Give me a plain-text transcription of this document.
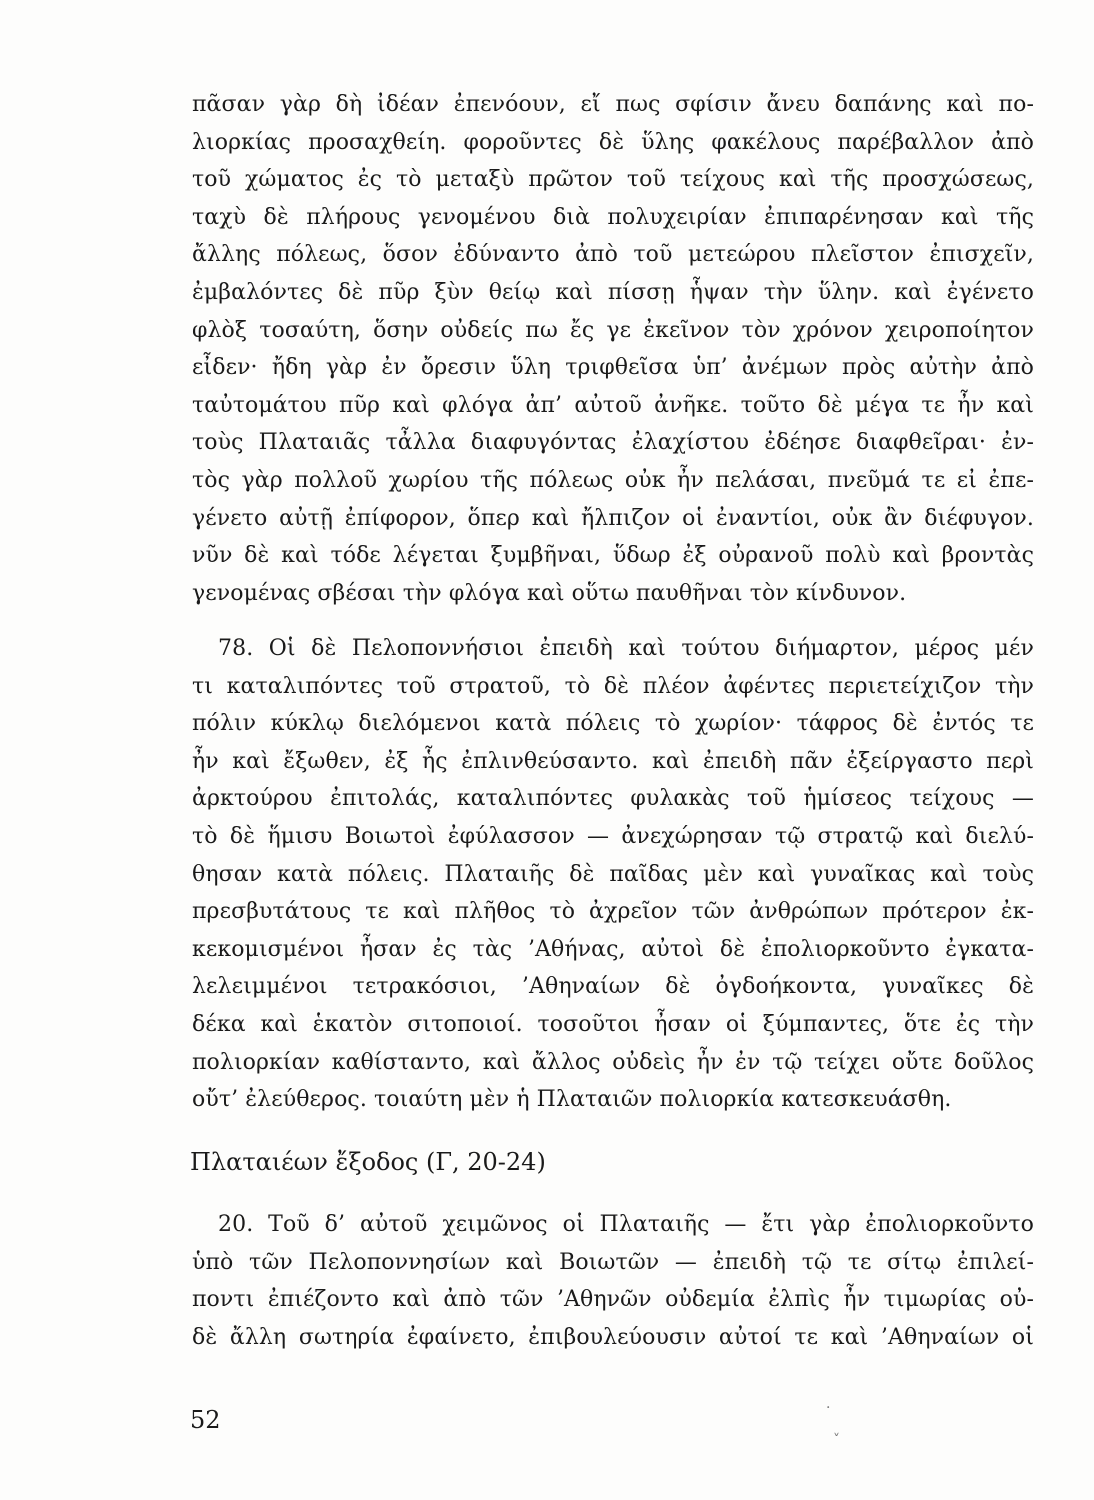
πᾶσαν γὰρ δὴ ἰδέαν ἐπενόουν, εἴ πως σφίσιν ἄνευ δαπάνης καὶ πο-
λιορκίας προσαχθείη. φοροῦντες δὲ ὕλης φακέλους παρέβαλλον ἀπὸ
τοῦ χώματος ἐς τὸ μεταξὺ πρῶτον τοῦ τείχους καὶ τῆς προσχώσεως,
ταχὺ δὲ πλήρους γενομένου διὰ πολυχειρίαν ἐπιπαρένησαν καὶ τῆς
ἄλλης πόλεως, ὅσον ἐδύναντο ἀπὸ τοῦ μετεώρου πλεῖστον ἐπισχεῖν,
ἐμβαλόντες δὲ πῦρ ξὺν θείῳ καὶ πίσσῃ ἧψαν τὴν ὕλην. καὶ ἐγένετο
φλὸξ τοσαύτη, ὅσην οὐδείς πω ἔς γε ἐκεῖνον τὸν χρόνον χειροποίητον
εἶδεν· ἤδη γὰρ ἐν ὄρεσιν ὕλη τριφθεῖσα ὑπ’ ἀνέμων πρὸς αὐτὴν ἀπὸ
ταὐτομάτου πῦρ καὶ φλόγα ἀπ’ αὐτοῦ ἀνῆκε. τοῦτο δὲ μέγα τε ἦν καὶ
τοὺς Πλαταιᾶς τἆλλα διαφυγόντας ἐλαχίστου ἐδέησε διαφθεῖραι· ἐν-
τὸς γὰρ πολλοῦ χωρίου τῆς πόλεως οὐκ ἦν πελάσαι, πνεῦμά τε εἰ ἐπε-
γένετο αὐτῇ ἐπίφορον, ὅπερ καὶ ἤλπιζον οἱ ἐναντίοι, οὐκ ἂν διέφυγον.
νῦν δὲ καὶ τόδε λέγεται ξυμβῆναι, ὕδωρ ἐξ οὐρανοῦ πολὺ καὶ βροντὰς
γενομένας σβέσαι τὴν φλόγα καὶ οὕτω παυθῆναι τὸν κίνδυνον.
78. Οἱ δὲ Πελοποννήσιοι ἐπειδὴ καὶ τούτου διήμαρτον, μέρος μέν
τι καταλιπόντες τοῦ στρατοῦ, τὸ δὲ πλέον ἀφέντες περιετείχιζον τὴν
πόλιν κύκλῳ διελόμενοι κατὰ πόλεις τὸ χωρίον· τάφρος δὲ ἐντός τε
ἦν καὶ ἔξωθεν, ἐξ ἧς ἐπλινθεύσαντο. καὶ ἐπειδὴ πᾶν ἐξείργαστο περὶ
ἀρκτούρου ἐπιτολάς, καταλιπόντες φυλακὰς τοῦ ἡμίσεος τείχους —
τὸ δὲ ἥμισυ Βοιωτοὶ ἐφύλασσον — ἀνεχώρησαν τῷ στρατῷ καὶ διελύ-
θησαν κατὰ πόλεις. Πλαταιῆς δὲ παῖδας μὲν καὶ γυναῖκας καὶ τοὺς
πρεσβυτάτους τε καὶ πλῆθος τὸ ἀχρεῖον τῶν ἀνθρώπων πρότερον ἐκ-
κεκομισμένοι ἦσαν ἐς τὰς ’Αθήνας, αὐτοὶ δὲ ἐπολιορκοῦντο ἐγκατα-
λελειμμένοι τετρακόσιοι, ’Αθηναίων δὲ ὀγδοήκοντα, γυναῖκες δὲ
δέκα καὶ ἑκατὸν σιτοποιοί. τοσοῦτοι ἦσαν οἱ ξύμπαντες, ὅτε ἐς τὴν
πολιορκίαν καθίσταντο, καὶ ἄλλος οὐδεὶς ἦν ἐν τῷ τείχει οὔτε δοῦλος
οὔτ’ ἐλεύθερος. τοιαύτη μὲν ἡ Πλαταιῶν πολιορκία κατεσκευάσθη.
Πλαταιέων ἔξοδος (Γ, 20-24)
20. Τοῦ δ’ αὐτοῦ χειμῶνος οἱ Πλαταιῆς — ἔτι γὰρ ἐπολιορκοῦντο
ὑπὸ τῶν Πελοποννησίων καὶ Βοιωτῶν — ἐπειδὴ τῷ τε σίτῳ ἐπιλεί-
ποντι ἐπιέζοντο καὶ ἀπὸ τῶν ’Αθηνῶν οὐδεμία ἐλπὶς ἦν τιμωρίας οὐ-
δὲ ἄλλη σωτηρία ἐφαίνετο, ἐπιβουλεύουσιν αὐτοί τε καὶ ’Αθηναίων οἱ
52	·
˅
